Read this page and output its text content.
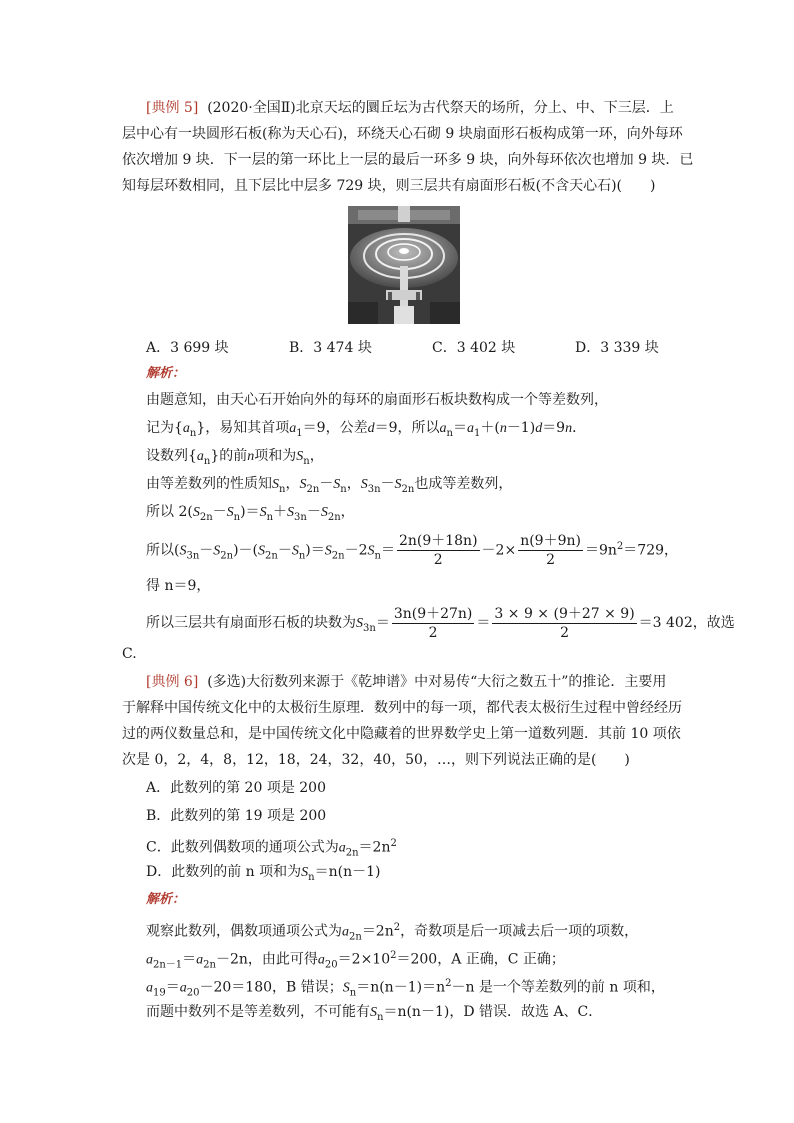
[典例 5] (2020·全国Ⅱ)北京天坛的圜丘坛为古代祭天的场所，分上、中、下三层．上
层中心有一块圆形石板(称为天心石)，环绕天心石砌 9 块扇面形石板构成第一环，向外每环
依次增加 9 块．下一层的第一环比上一层的最后一环多 9 块，向外每环依次也增加 9 块．已
知每层环数相同，且下层比中层多 729 块，则三层共有扇面形石板(不含天心石)(　　)
A．3 699 块	B．3 474 块	C．3 402 块	D．3 339 块
解析：
由题意知，由天心石开始向外的每环的扇面形石板块数构成一个等差数列，
记为$\{a_n\}$，易知其首项$a_1=9$，公差d＝9，所以$a_n=a_1+(n-1)d=9n$．
设数列$\{a_n\}$的前n项和为$S_n$，
由等差数列的性质知$S_n$，$S_{2n}-S_n$，$S_{3n}-S_{2n}$也成等差数列，
所以 $2(S_{2n}-S_n)=S_n+S_{3n}-S_{2n}$，
所以$(S_{3n}-S_{2n})-(S_{2n}-S_n)=S_{2n}-2S_n= \frac{2n(9+18n)}{2} -2\times \frac{n(9+9n)}{2} =9n^2=729$，
得 n＝9，
所以三层共有扇面形石板的块数为$S_{3n}= \frac{3n(9+27n)}{2} = \frac{3 \times 9 \times (9+27 \times 9)}{2} =3$ 402，故选
C.
[典例 6] (多选)大衍数列来源于《乾坤谱》中对易传“大衍之数五十”的推论．主要用
于解释中国传统文化中的太极衍生原理．数列中的每一项，都代表太极衍生过程中曾经经历
过的两仪数量总和，是中国传统文化中隐藏着的世界数学史上第一道数列题．其前 10 项依
次是 0，2，4，8，12，18，24，32，40，50，…，则下列说法正确的是(　　)
A．此数列的第 20 项是 200
B．此数列的第 19 项是 200
C．此数列偶数项的通项公式为$a_{2n}=2n^2$
D．此数列的前 n 项和为$S_n=n(n-1)$
解析：
观察此数列，偶数项通项公式为$a_{2n}=2n^2$，奇数项是后一项减去后一项的项数，
$a_{2n-1}=a_{2n}-2n$，由此可得$a_{20}=2\times 10^2=200$，A 正确，C 正确；
$a_{19}=a_{20}-20=180$，B 错误；$S_n=n(n-1)=n^2-n$ 是一个等差数列的前 n 项和，
而题中数列不是等差数列，不可能有$S_n=n(n-1)$，D 错误．故选 A、C．
